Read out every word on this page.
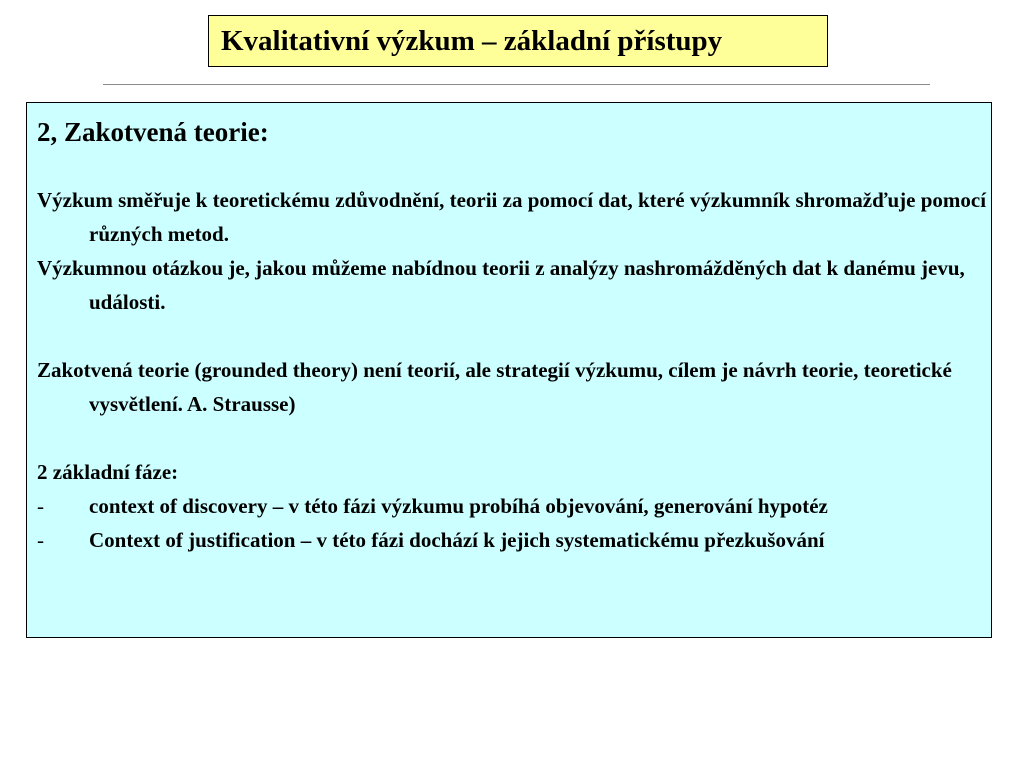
Kvalitativní výzkum – základní přístupy
2, Zakotvená teorie:

Výzkum směřuje k teoretickému zdůvodnění, teorii za pomocí dat, které výzkumník shromažďuje pomocí různých metod.

Výzkumnou otázkou je, jakou můžeme nabídnou teorii z analýzy nashromážděných dat k danému jevu, události.

Zakotvená teorie (grounded theory) není teorií, ale strategií výzkumu, cílem je návrh teorie, teoretické vysvětlení. A. Strausse)

2 základní fáze:

- context of discovery – v této fázi výzkumu probíhá objevování, generování hypotéz
- Context of justification – v této fázi dochází k jejich systematickému přezkušování
